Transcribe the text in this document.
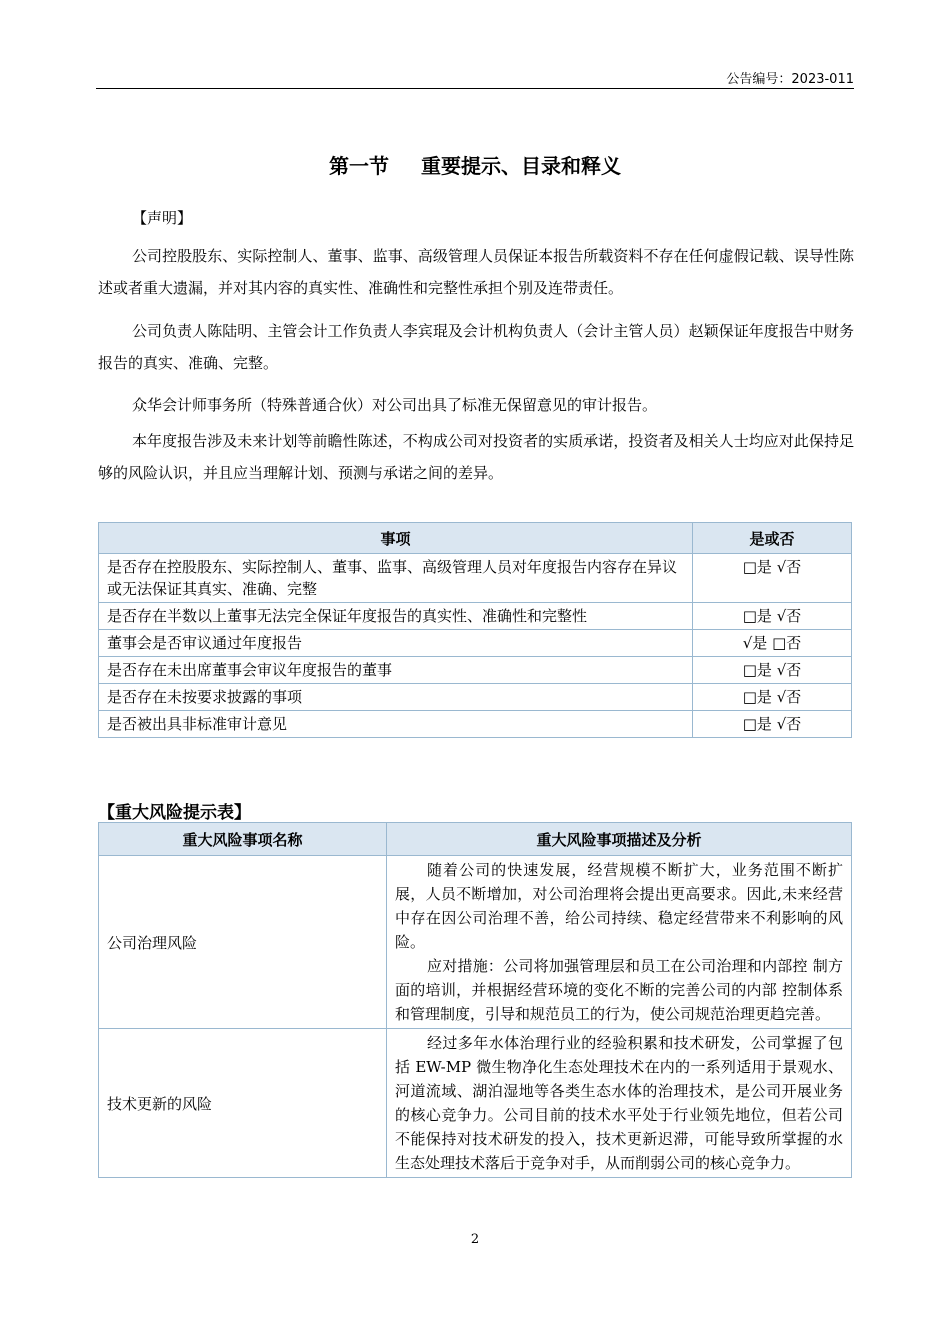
公告编号：2023-011
第一节 重要提示、目录和释义
【声明】

公司控股股东、实际控制人、董事、监事、高级管理人员保证本报告所载资料不存在任何虚假记载、误导性陈述或者重大遗漏，并对其内容的真实性、准确性和完整性承担个别及连带责任。

公司负责人陈陆明、主管会计工作负责人李宾琨及会计机构负责人（会计主管人员）赵颖保证年度报告中财务报告的真实、准确、完整。

众华会计师事务所（特殊普通合伙）对公司出具了标准无保留意见的审计报告。

本年度报告涉及未来计划等前瞻性陈述，不构成公司对投资者的实质承诺，投资者及相关人士均应对此保持足够的风险认识，并且应当理解计划、预测与承诺之间的差异。

事项	是或否
是否存在控股股东、实际控制人、董事、监事、高级管理人员对年度报告内容存在异议或无法保证其真实、准确、完整	□是 √否
是否存在半数以上董事无法完全保证年度报告的真实性、准确性和完整性	□是 √否
董事会是否审议通过年度报告	√是 □否
是否存在未出席董事会审议年度报告的董事	□是 √否
是否存在未按要求披露的事项	□是 √否
是否被出具非标准审计意见	□是 √否
【重大风险提示表】
重大风险事项名称	重大风险事项描述及分析
公司治理风险	随着公司的快速发展，经营规模不断扩大，业务范围不断扩展，人员不断增加，对公司治理将会提出更高要求。因此,未来经营中存在因公司治理不善，给公司持续、稳定经营带来不利影响的风险。

应对措施：公司将加强管理层和员工在公司治理和内部控 制方面的培训，并根据经营环境的变化不断的完善公司的内部 控制体系和管理制度，引导和规范员工的行为，使公司规范治理更趋完善。

技术更新的风险	经过多年水体治理行业的经验积累和技术研发，公司掌握了包括 EW-MP 微生物净化生态处理技术在内的一系列适用于景观水、河道流域、湖泊湿地等各类生态水体的治理技术，是公司开展业务的核心竞争力。公司目前的技术水平处于行业领先地位，但若公司不能保持对技术研发的投入，技术更新迟滞，可能导致所掌握的水生态处理技术落后于竞争对手，从而削弱公司的核心竞争力。

2
